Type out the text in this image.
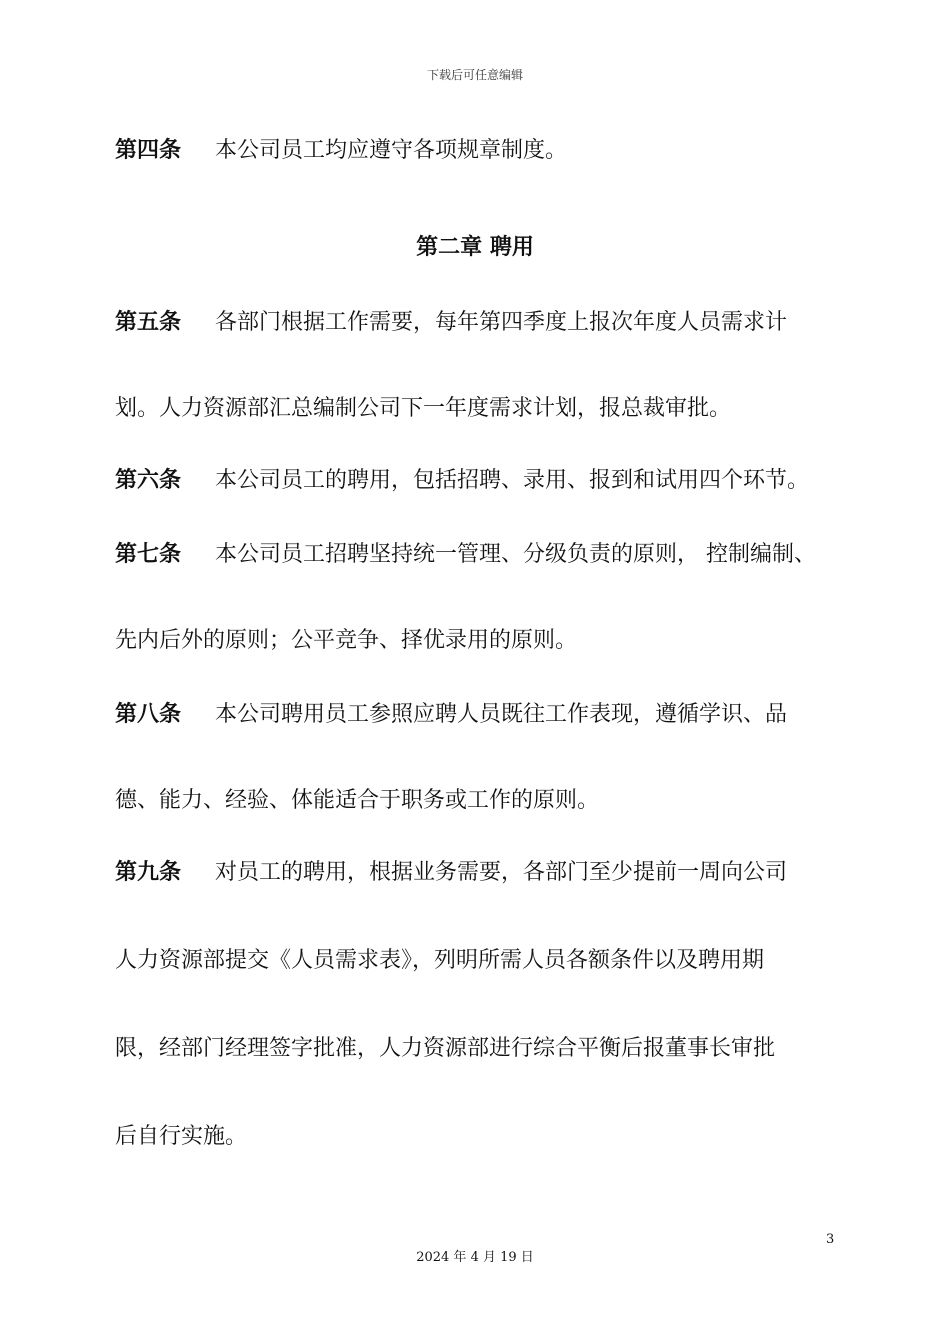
下载后可任意编辑
第四条 本公司员工均应遵守各项规章制度。
第二章 聘用
第五条 各部门根据工作需要，每年第四季度上报次年度人员需求计
划。人力资源部汇总编制公司下一年度需求计划，报总裁审批。
第六条 本公司员工的聘用，包括招聘、录用、报到和试用四个环节。
第七条 本公司员工招聘坚持统一管理、分级负责的原则， 控制编制、
先内后外的原则；公平竞争、择优录用的原则。
第八条 本公司聘用员工参照应聘人员既往工作表现，遵循学识、品
德、能力、经验、体能适合于职务或工作的原则。
第九条 对员工的聘用，根据业务需要，各部门至少提前一周向公司
人力资源部提交《人员需求表》，列明所需人员各额条件以及聘用期
限，经部门经理签字批准，人力资源部进行综合平衡后报董事长审批
后自行实施。
3
2024 年 4 月 19 日
